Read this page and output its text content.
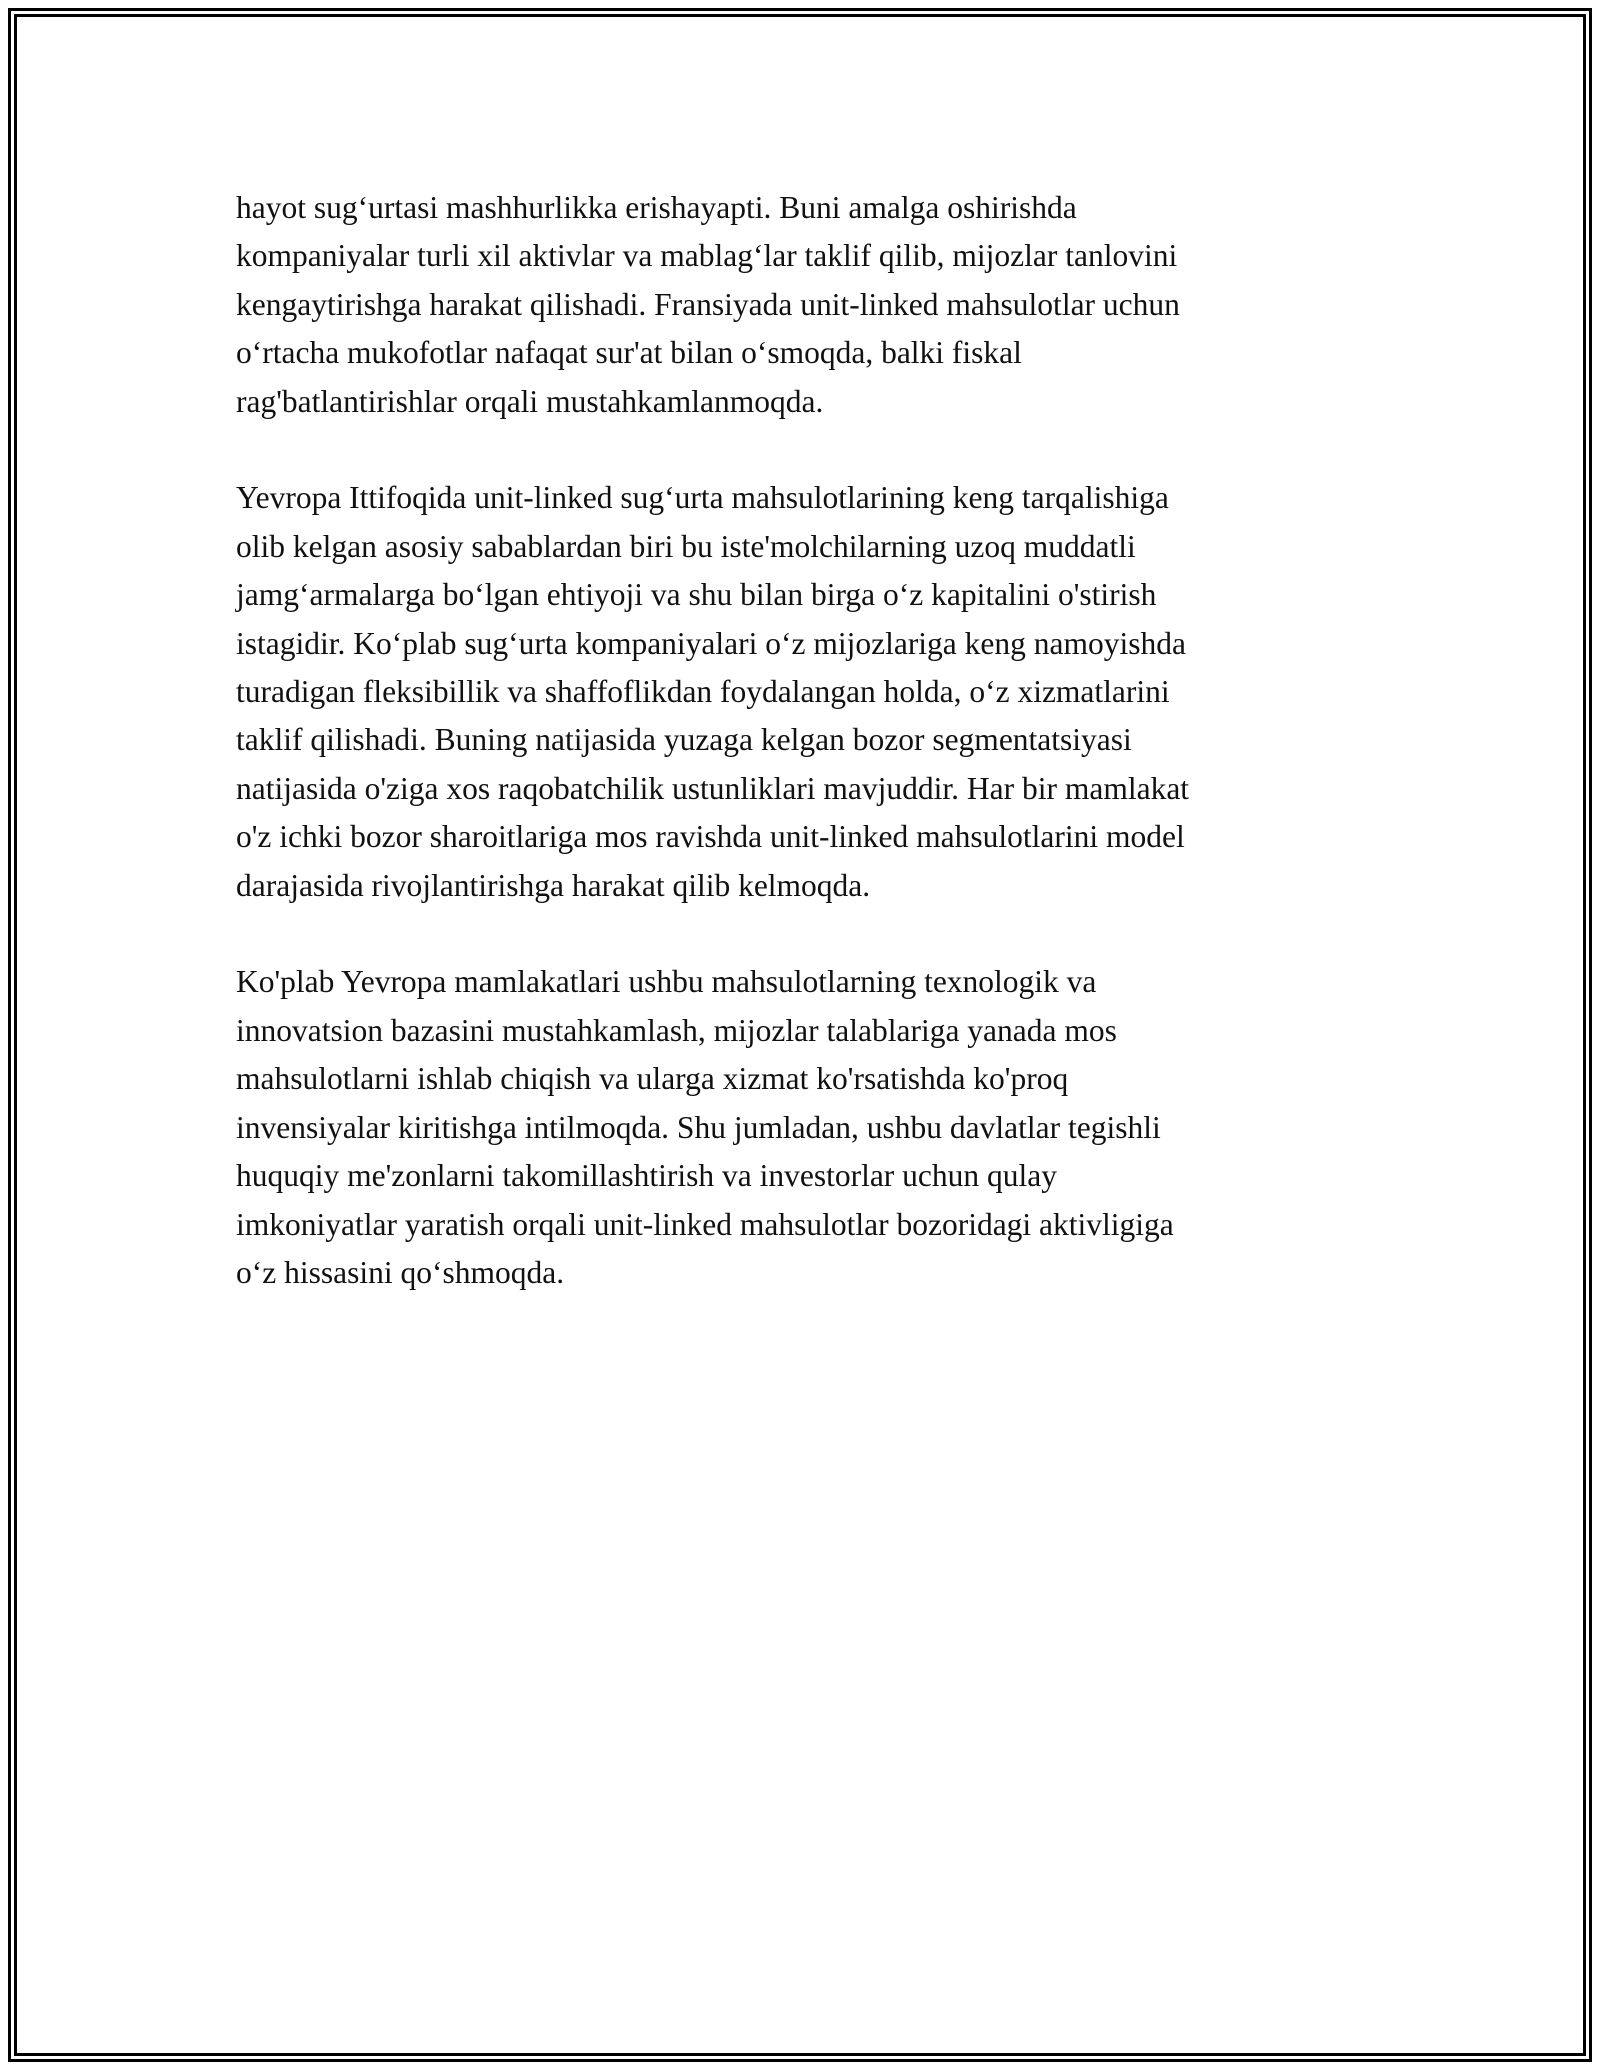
hayot sug‘urtasi mashhurlikka erishayapti. Buni amalga oshirishda
kompaniyalar turli xil aktivlar va mablag‘lar taklif qilib, mijozlar tanlovini
kengaytirishga harakat qilishadi. Fransiyada unit-linked mahsulotlar uchun
o‘rtacha mukofotlar nafaqat sur'at bilan o‘smoqda, balki fiskal
rag'batlantirishlar orqali mustahkamlanmoqda.

Yevropa Ittifoqida unit-linked sug‘urta mahsulotlarining keng tarqalishiga
olib kelgan asosiy sabablardan biri bu iste'molchilarning uzoq muddatli
jamg‘armalarga bo‘lgan ehtiyoji va shu bilan birga o‘z kapitalini o'stirish
istagidir. Ko‘plab sug‘urta kompaniyalari o‘z mijozlariga keng namoyishda
turadigan fleksibillik va shaffoflikdan foydalangan holda, o‘z xizmatlarini
taklif qilishadi. Buning natijasida yuzaga kelgan bozor segmentatsiyasi
natijasida o'ziga xos raqobatchilik ustunliklari mavjuddir. Har bir mamlakat
o'z ichki bozor sharoitlariga mos ravishda unit-linked mahsulotlarini model
darajasida rivojlantirishga harakat qilib kelmoqda.

Ko'plab Yevropa mamlakatlari ushbu mahsulotlarning texnologik va
innovatsion bazasini mustahkamlash, mijozlar talablariga yanada mos
mahsulotlarni ishlab chiqish va ularga xizmat ko'rsatishda ko'proq
invensiyalar kiritishga intilmoqda. Shu jumladan, ushbu davlatlar tegishli
huquqiy me'zonlarni takomillashtirish va investorlar uchun qulay
imkoniyatlar yaratish orqali unit-linked mahsulotlar bozoridagi aktivligiga
o‘z hissasini qo‘shmoqda.
